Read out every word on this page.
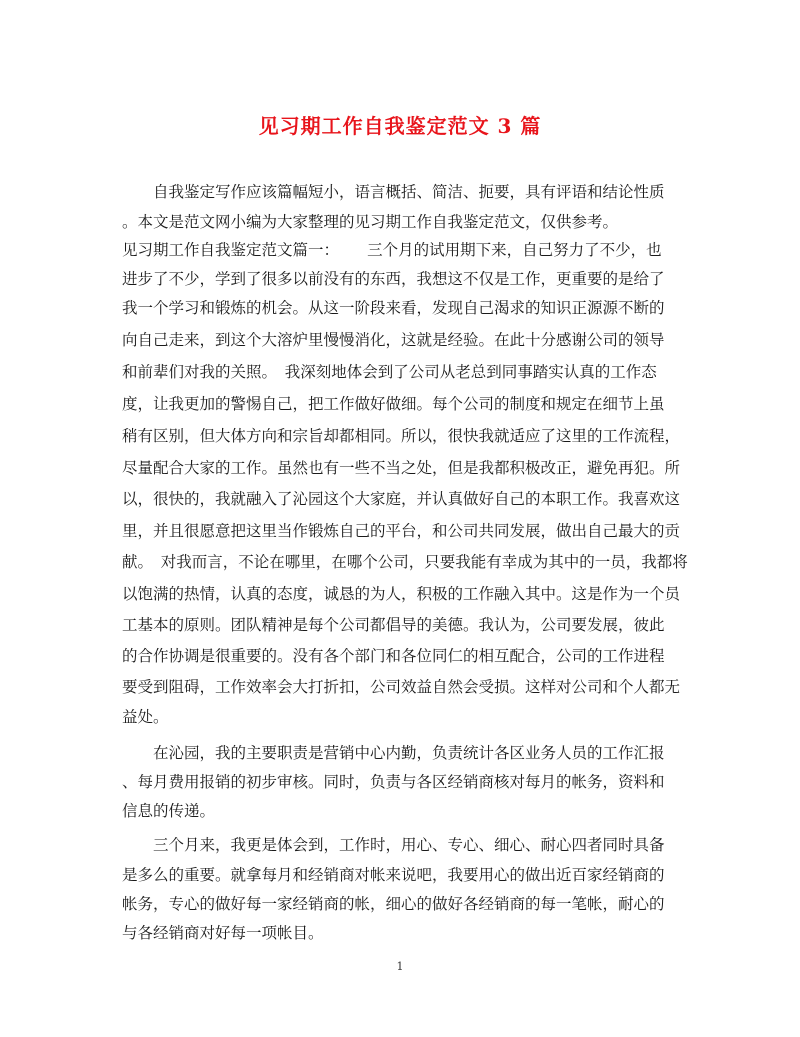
见习期工作自我鉴定范文 3 篇
　　自我鉴定写作应该篇幅短小，语言概括、简洁、扼要，具有评语和结论性质
。本文是范文网小编为大家整理的见习期工作自我鉴定范文，仅供参考。
见习期工作自我鉴定范文篇一：　　 三个月的试用期下来，自己努力了不少，也
进步了不少，学到了很多以前没有的东西，我想这不仅是工作，更重要的是给了
我一个学习和锻炼的机会。从这一阶段来看，发现自己渴求的知识正源源不断的
向自己走来，到这个大溶炉里慢慢消化，这就是经验。在此十分感谢公司的领导
和前辈们对我的关照。　我深刻地体会到了公司从老总到同事踏实认真的工作态
度，让我更加的警惕自己，把工作做好做细。每个公司的制度和规定在细节上虽
稍有区别，但大体方向和宗旨却都相同。所以，很快我就适应了这里的工作流程，
尽量配合大家的工作。虽然也有一些不当之处，但是我都积极改正，避免再犯。所
以，很快的，我就融入了沁园这个大家庭，并认真做好自己的本职工作。我喜欢这
里，并且很愿意把这里当作锻炼自己的平台，和公司共同发展，做出自己最大的贡
献。　对我而言，不论在哪里，在哪个公司，只要我能有幸成为其中的一员，我都将
以饱满的热情，认真的态度，诚恳的为人，积极的工作融入其中。这是作为一个员
工基本的原则。团队精神是每个公司都倡导的美德。我认为，公司要发展，彼此
的合作协调是很重要的。没有各个部门和各位同仁的相互配合，公司的工作进程
要受到阻碍，工作效率会大打折扣，公司效益自然会受损。这样对公司和个人都无
益处。
　　在沁园，我的主要职责是营销中心内勤，负责统计各区业务人员的工作汇报
、每月费用报销的初步审核。同时，负责与各区经销商核对每月的帐务，资料和
信息的传递。
　　三个月来，我更是体会到，工作时，用心、专心、细心、耐心四者同时具备
是多么的重要。就拿每月和经销商对帐来说吧，我要用心的做出近百家经销商的
帐务，专心的做好每一家经销商的帐，细心的做好各经销商的每一笔帐，耐心的
与各经销商对好每一项帐目。
1
